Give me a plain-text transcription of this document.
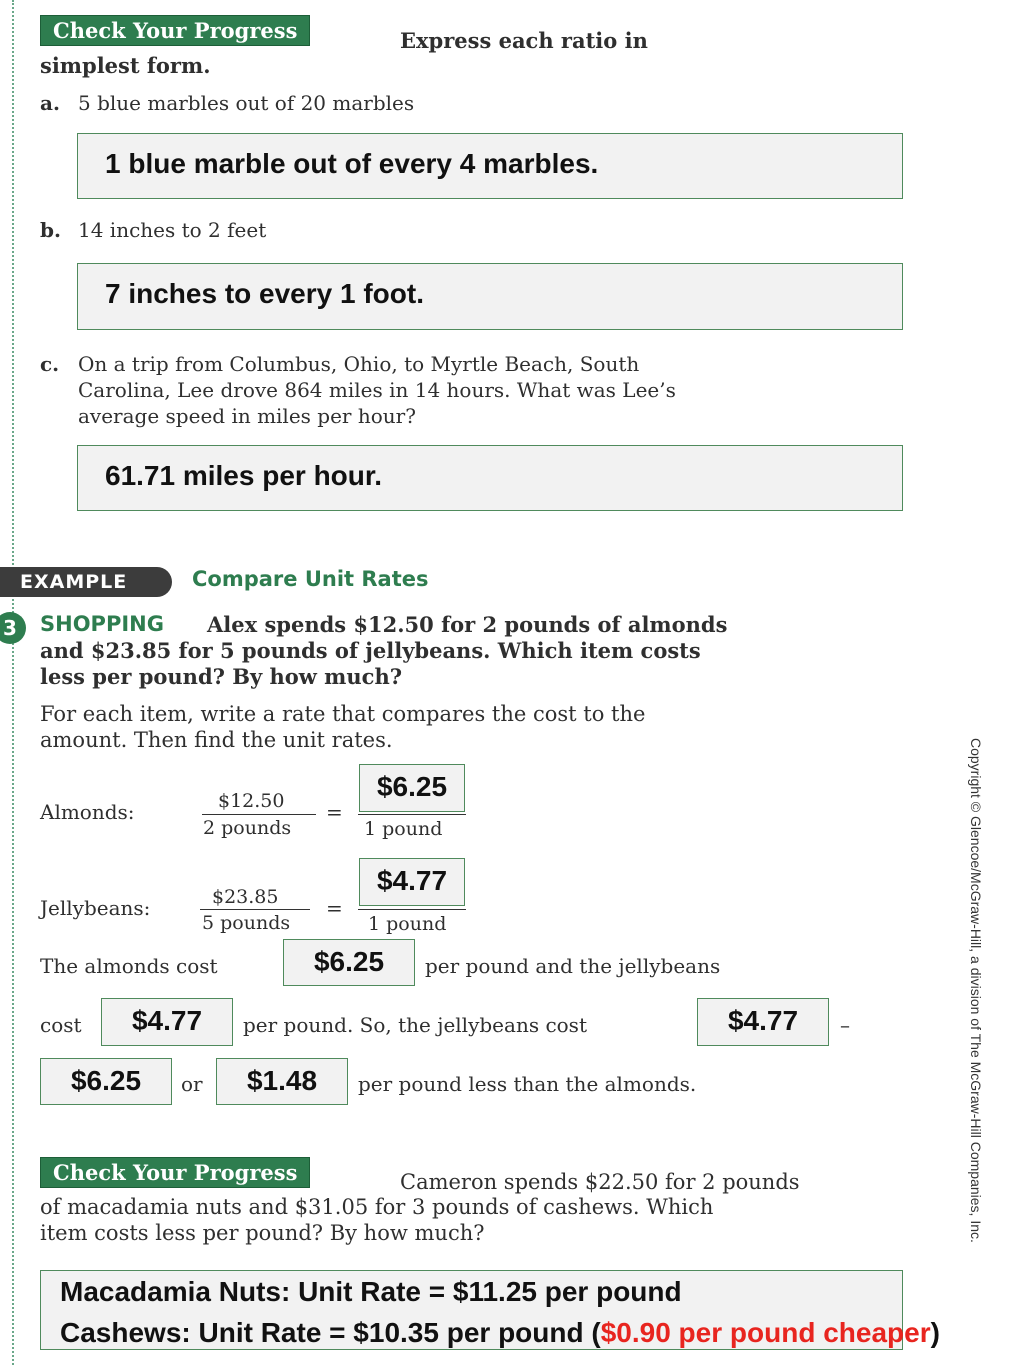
Check Your Progress	Express each ratio in
simplest form.
a. 5 blue marbles out of 20 marbles
1 blue marble out of every 4 marbles.
b. 14 inches to 2 feet
7 inches to every 1 foot.
c. On a trip from Columbus, Ohio, to Myrtle Beach, South
Carolina, Lee drove 864 miles in 14 hours. What was Lee’s
average speed in miles per hour?
61.71 miles per hour.
EXAMPLE	Compare Unit Rates
3	SHOPPING Alex spends $12.50 for 2 pounds of almonds
and $23.85 for 5 pounds of jellybeans. Which item costs
less per pound? By how much?
For each item, write a rate that compares the cost to the
amount. Then find the unit rates.
Almonds:	$12.50
2 pounds
=
$6.25
1 pound
Jellybeans:	$23.85
5 pounds
=
$4.77
1 pound
The almonds cost	$6.25	per pound and the jellybeans
cost	$4.77	per pound. So, the jellybeans cost	$4.77	–
$6.25	or	$1.48	per pound less than the almonds.
Check Your Progress	Cameron spends $22.50 for 2 pounds
of macadamia nuts and $31.05 for 3 pounds of cashews. Which
item costs less per pound? By how much?
Macadamia Nuts: Unit Rate = $11.25 per pound
Cashews: Unit Rate = $10.35 per pound ($0.90 per pound cheaper)
Copyright © Glencoe/McGraw-Hill, a division of The McGraw-Hill Companies, Inc.
